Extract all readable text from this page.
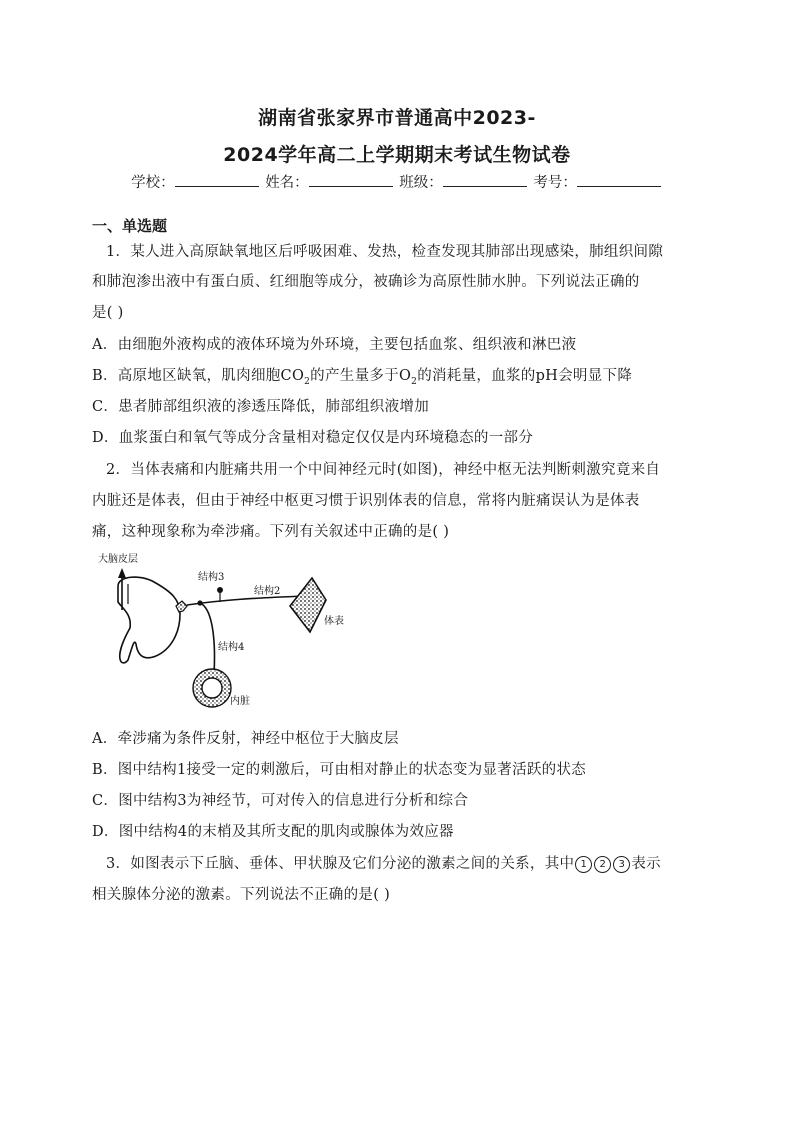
湖南省张家界市普通高中2023-
2024学年高二上学期期末考试生物试卷
学校：	姓名：	班级：	考号：
一、单选题
1．某人进入高原缺氧地区后呼吸困难、发热，检查发现其肺部出现感染，肺组织间隙
和肺泡渗出液中有蛋白质、红细胞等成分，被确诊为高原性肺水肿。下列说法正确的
是( )
A．由细胞外液构成的液体环境为外环境，主要包括血浆、组织液和淋巴液
B．高原地区缺氧，肌肉细胞$CO_2$的产生量多于$O_2$的消耗量，血浆的pH会明显下降
C．患者肺部组织液的渗透压降低，肺部组织液增加
D．血浆蛋白和氧气等成分含量相对稳定仅仅是内环境稳态的一部分
2．当体表痛和内脏痛共用一个中间神经元时(如图)，神经中枢无法判断刺激究竟来自
内脏还是体表，但由于神经中枢更习惯于识别体表的信息，常将内脏痛误认为是体表
痛，这种现象称为牵涉痛。下列有关叙述中正确的是( )
大脑皮层
结构3
结构2
体表
结构4
内脏
A．牵涉痛为条件反射，神经中枢位于大脑皮层
B．图中结构1接受一定的刺激后，可由相对静止的状态变为显著活跃的状态
C．图中结构3为神经节，可对传入的信息进行分析和综合
D．图中结构4的末梢及其所支配的肌肉或腺体为效应器
3．如图表示下丘脑、垂体、甲状腺及它们分泌的激素之间的关系，其中 1 2 3 表示
相关腺体分泌的激素。下列说法不正确的是( )
